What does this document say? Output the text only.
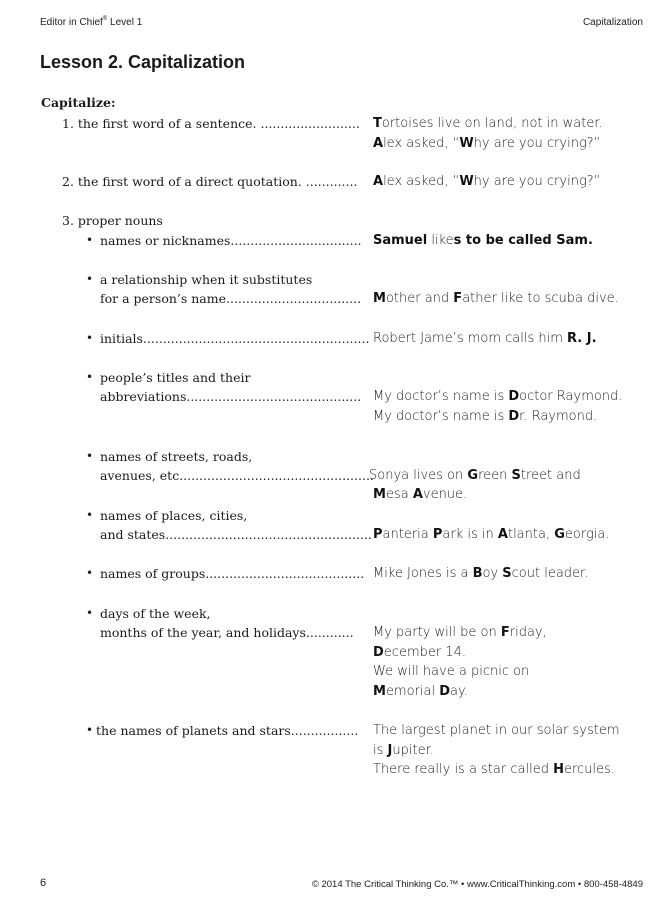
Editor in Chief® Level 1	Capitalization
Lesson 2. Capitalization
Capitalize:
1. the first word of a sentence. ......................... Tortoises live on land, not in water.
Alex asked, “Why are you crying?”
2. the first word of a direct quotation. ............. Alex asked, “Why are you crying?”
3. proper nouns
• names or nicknames................................. Samuel likes to be called Sam.
• a relationship when it substitutes
for a person’s name.................................. Mother and Father like to scuba dive.
• initials......................................................... Robert Jame’s mom calls him R. J.
• people’s titles and their
abbreviations............................................ My doctor’s name is Doctor Raymond.
My doctor’s name is Dr. Raymond.
• names of streets, roads,
avenues, etc.................................................
Sonya lives on Green Street and
Mesa Avenue.
• names of places, cities,
and states.................................................... Panteria Park is in Atlanta, Georgia.
• names of groups........................................ Mike Jones is a Boy Scout leader.
• days of the week,
months of the year, and holidays............ My party will be on Friday,
December 14.
We will have a picnic on
Memorial Day.
• the names of planets and stars................. The largest planet in our solar system
is Jupiter.
There really is a star called Hercules.
6	© 2014 The Critical Thinking Co.™ • www.CriticalThinking.com • 800-458-4849
